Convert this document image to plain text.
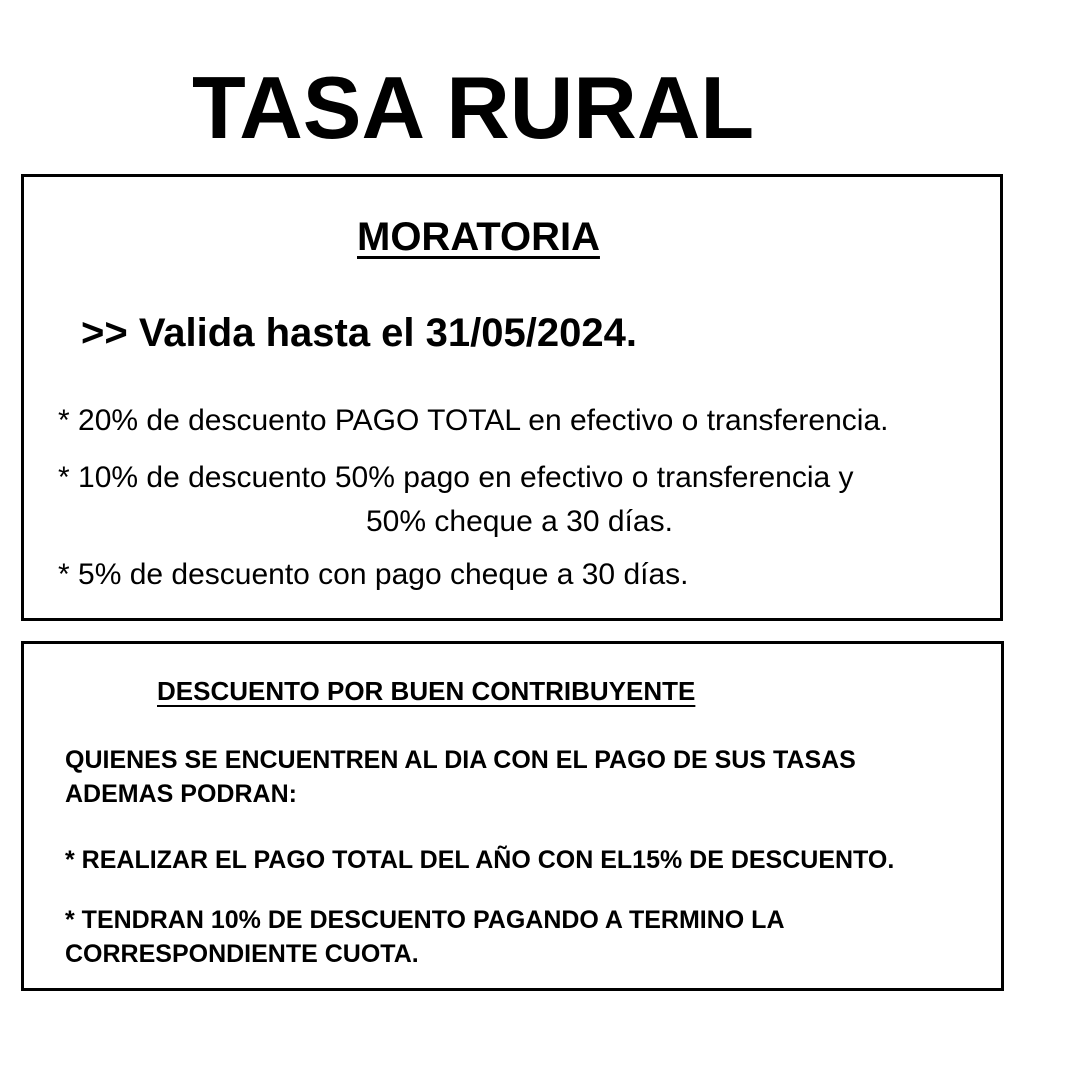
TASA RURAL
MORATORIA

>> Valida hasta el 31/05/2024.

* 20% de descuento PAGO TOTAL en efectivo o transferencia.

* 10% de descuento 50% pago en efectivo o transferencia y

50% cheque a 30 días.

* 5% de descuento con pago cheque a 30 días.

DESCUENTO POR BUEN CONTRIBUYENTE
QUIENES SE ENCUENTREN AL DIA CON EL PAGO DE SUS TASAS
ADEMAS PODRAN:

* REALIZAR EL PAGO TOTAL DEL AÑO CON EL15% DE DESCUENTO.

* TENDRAN 10% DE DESCUENTO PAGANDO A TERMINO LA
CORRESPONDIENTE CUOTA.
